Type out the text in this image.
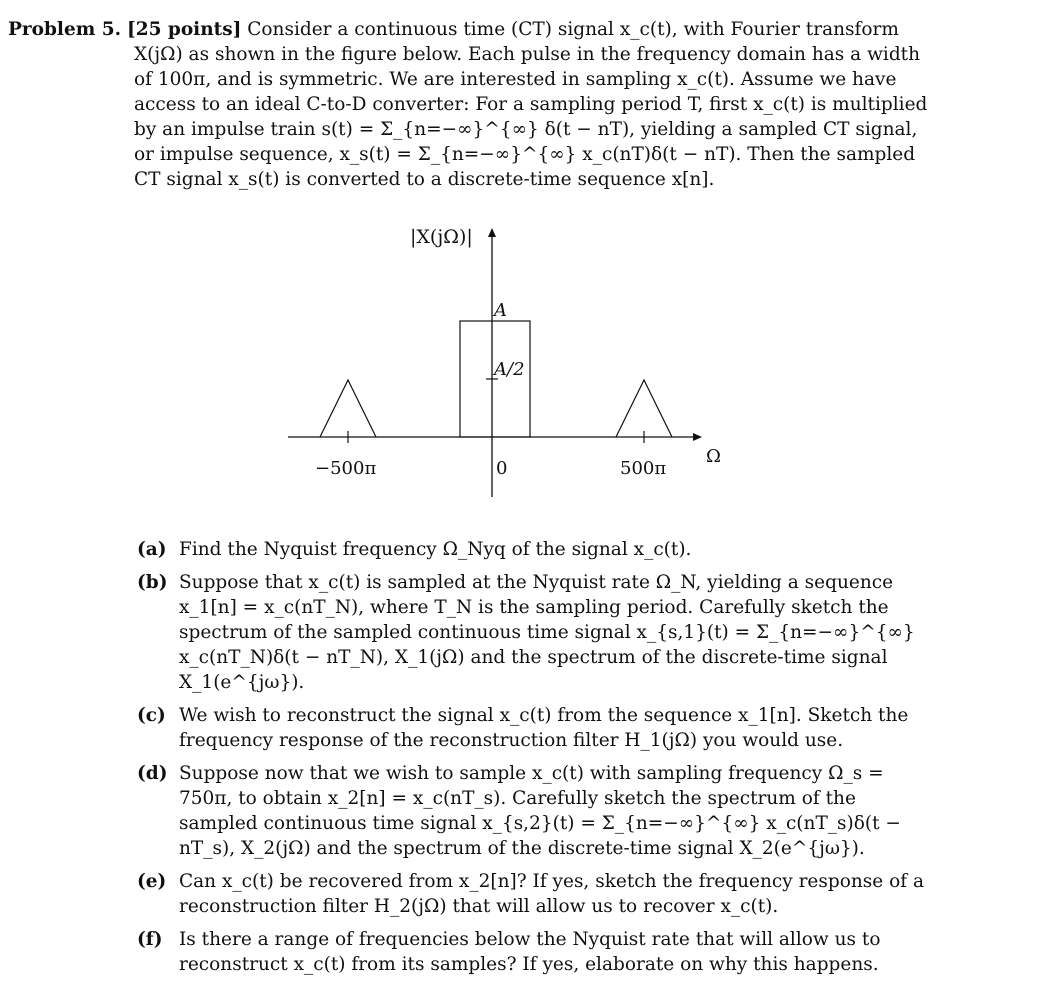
Problem 5. [25 points] Consider a continuous time (CT) signal x_c(t), with Fourier transform X(jΩ) as shown in the figure below. Each pulse in the frequency domain has a width of 100π, and is symmetric. We are interested in sampling x_c(t). Assume we have access to an ideal C-to-D converter: For a sampling period T, first x_c(t) is multiplied by an impulse train s(t) = Σ_{n=−∞}^{∞} δ(t − nT), yielding a sampled CT signal, or impulse sequence, x_s(t) = Σ_{n=−∞}^{∞} x_c(nT)δ(t − nT). Then the sampled CT signal x_s(t) is converted to a discrete-time sequence x[n].

|X(jΩ)|
Ω
A
A/2
−500π	0	500π
(a) Find the Nyquist frequency Ω_Nyq of the signal x_c(t).
(b) Suppose that x_c(t) is sampled at the Nyquist rate Ω_N, yielding a sequence x_1[n] = x_c(nT_N), where T_N is the sampling period. Carefully sketch the spectrum of the sampled continuous time signal x_{s,1}(t) = Σ_{n=−∞}^{∞} x_c(nT_N)δ(t − nT_N), X_1(jΩ) and the spectrum of the discrete-time signal X_1(e^{jω}).
(c) We wish to reconstruct the signal x_c(t) from the sequence x_1[n]. Sketch the frequency response of the reconstruction filter H_1(jΩ) you would use.
(d) Suppose now that we wish to sample x_c(t) with sampling frequency Ω_s = 750π, to obtain x_2[n] = x_c(nT_s). Carefully sketch the spectrum of the sampled continuous time signal x_{s,2}(t) = Σ_{n=−∞}^{∞} x_c(nT_s)δ(t − nT_s), X_2(jΩ) and the spectrum of the discrete-time signal X_2(e^{jω}).
(e) Can x_c(t) be recovered from x_2[n]? If yes, sketch the frequency response of a reconstruction filter H_2(jΩ) that will allow us to recover x_c(t).
(f) Is there a range of frequencies below the Nyquist rate that will allow us to reconstruct x_c(t) from its samples? If yes, elaborate on why this happens.
